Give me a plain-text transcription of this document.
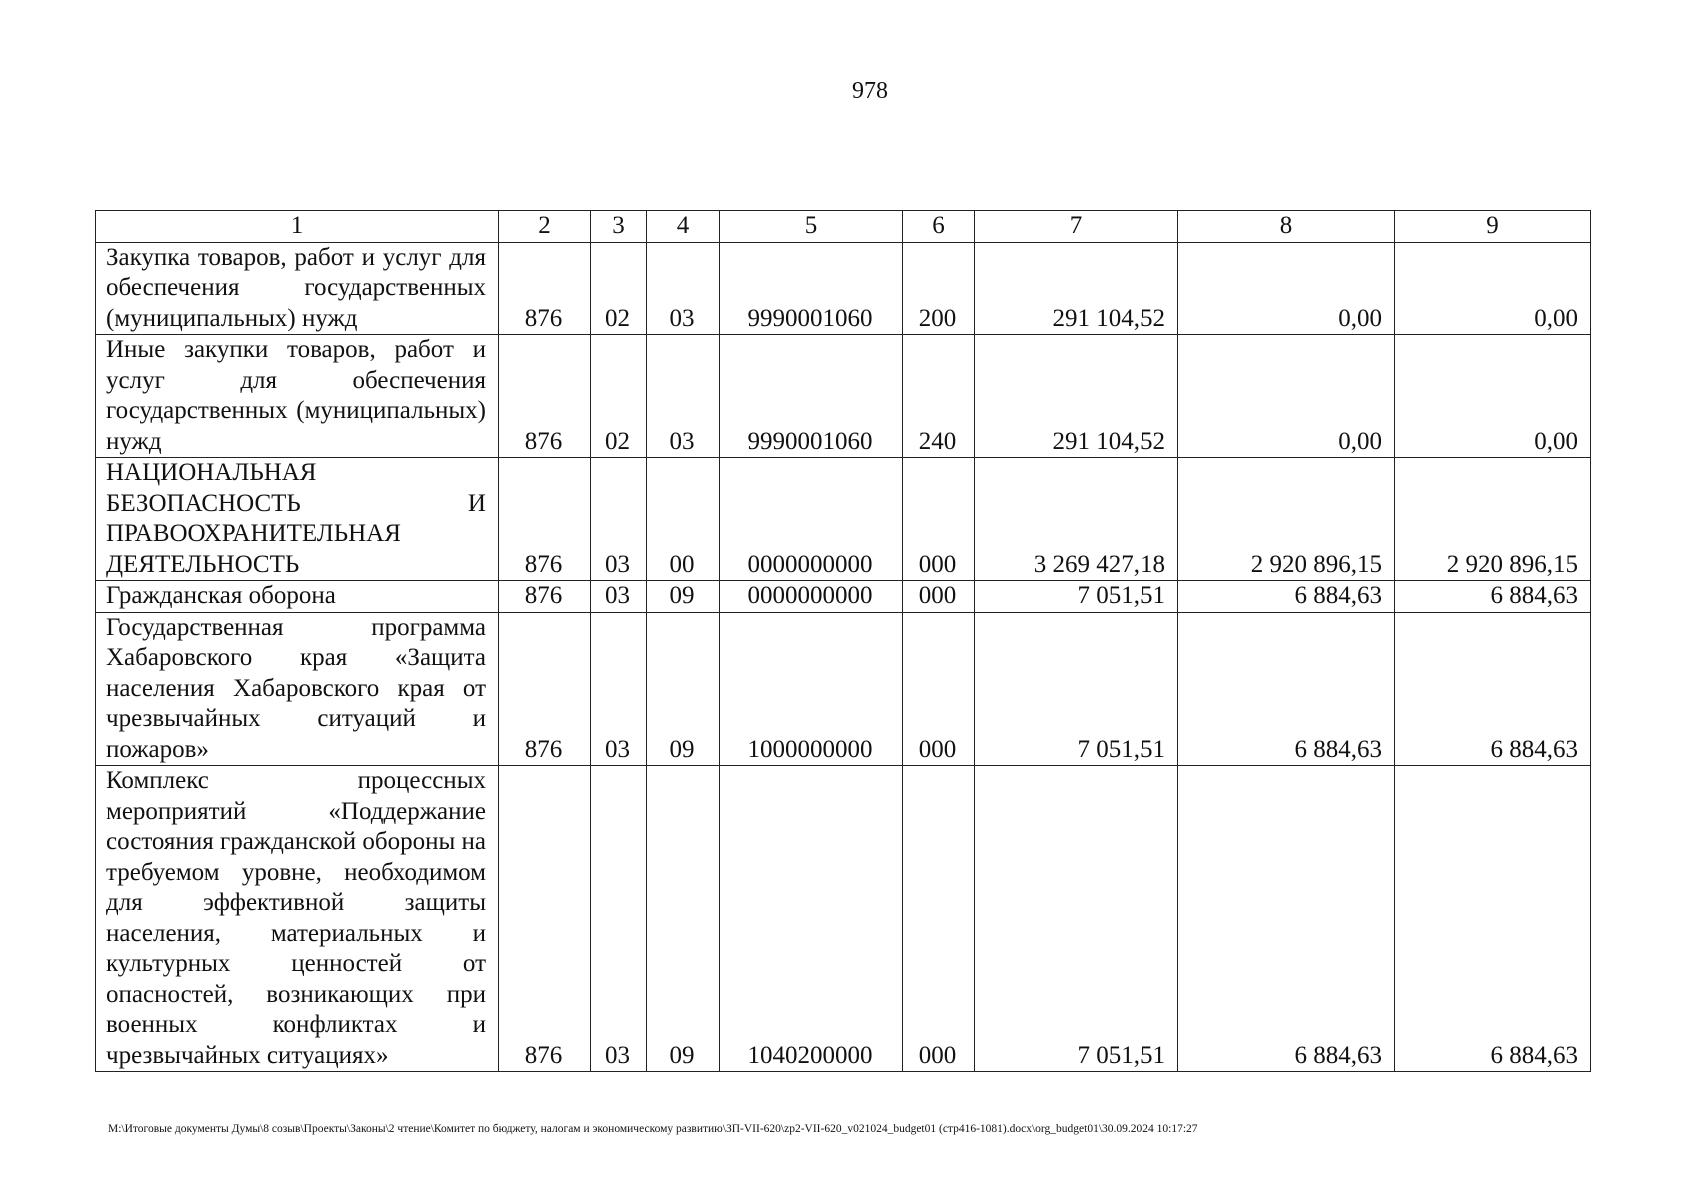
978
1	2	3	4	5	6	7	8	9
Закупка товаров, работ и услуг для обеспечения государственных (муниципальных) нужд	876	02	03	9990001060	200	291 104,52	0,00	0,00
Иные закупки товаров, работ и услуг для обеспечения государственных (муниципальных) нужд	876	02	03	9990001060	240	291 104,52	0,00	0,00
НАЦИОНАЛЬНАЯ БЕЗОПАСНОСТЬ И ПРАВООХРАНИТЕЛЬНАЯ ДЕЯТЕЛЬНОСТЬ	876	03	00	0000000000	000	3 269 427,18	2 920 896,15	2 920 896,15
Гражданская оборона	876	03	09	0000000000	000	7 051,51	6 884,63	6 884,63
Государственная программа Хабаровского края «Защита населения Хабаровского края от чрезвычайных ситуаций и пожаров»	876	03	09	1000000000	000	7 051,51	6 884,63	6 884,63
Комплекс процессных мероприятий «Поддержание состояния гражданской обороны на требуемом уровне, необходимом для эффективной защиты населения, материальных и культурных ценностей от опасностей, возникающих при военных конфликтах и чрезвычайных ситуациях»	876	03	09	1040200000	000	7 051,51	6 884,63	6 884,63
M:\Итоговые документы Думы\8 созыв\Проекты\Законы\2 чтение\Комитет по бюджету, налогам и экономическому развитию\ЗП-VII-620\zp2-VII-620_v021024_budget01 (стр416-1081).docx\org_budget01\30.09.2024 10:17:27
